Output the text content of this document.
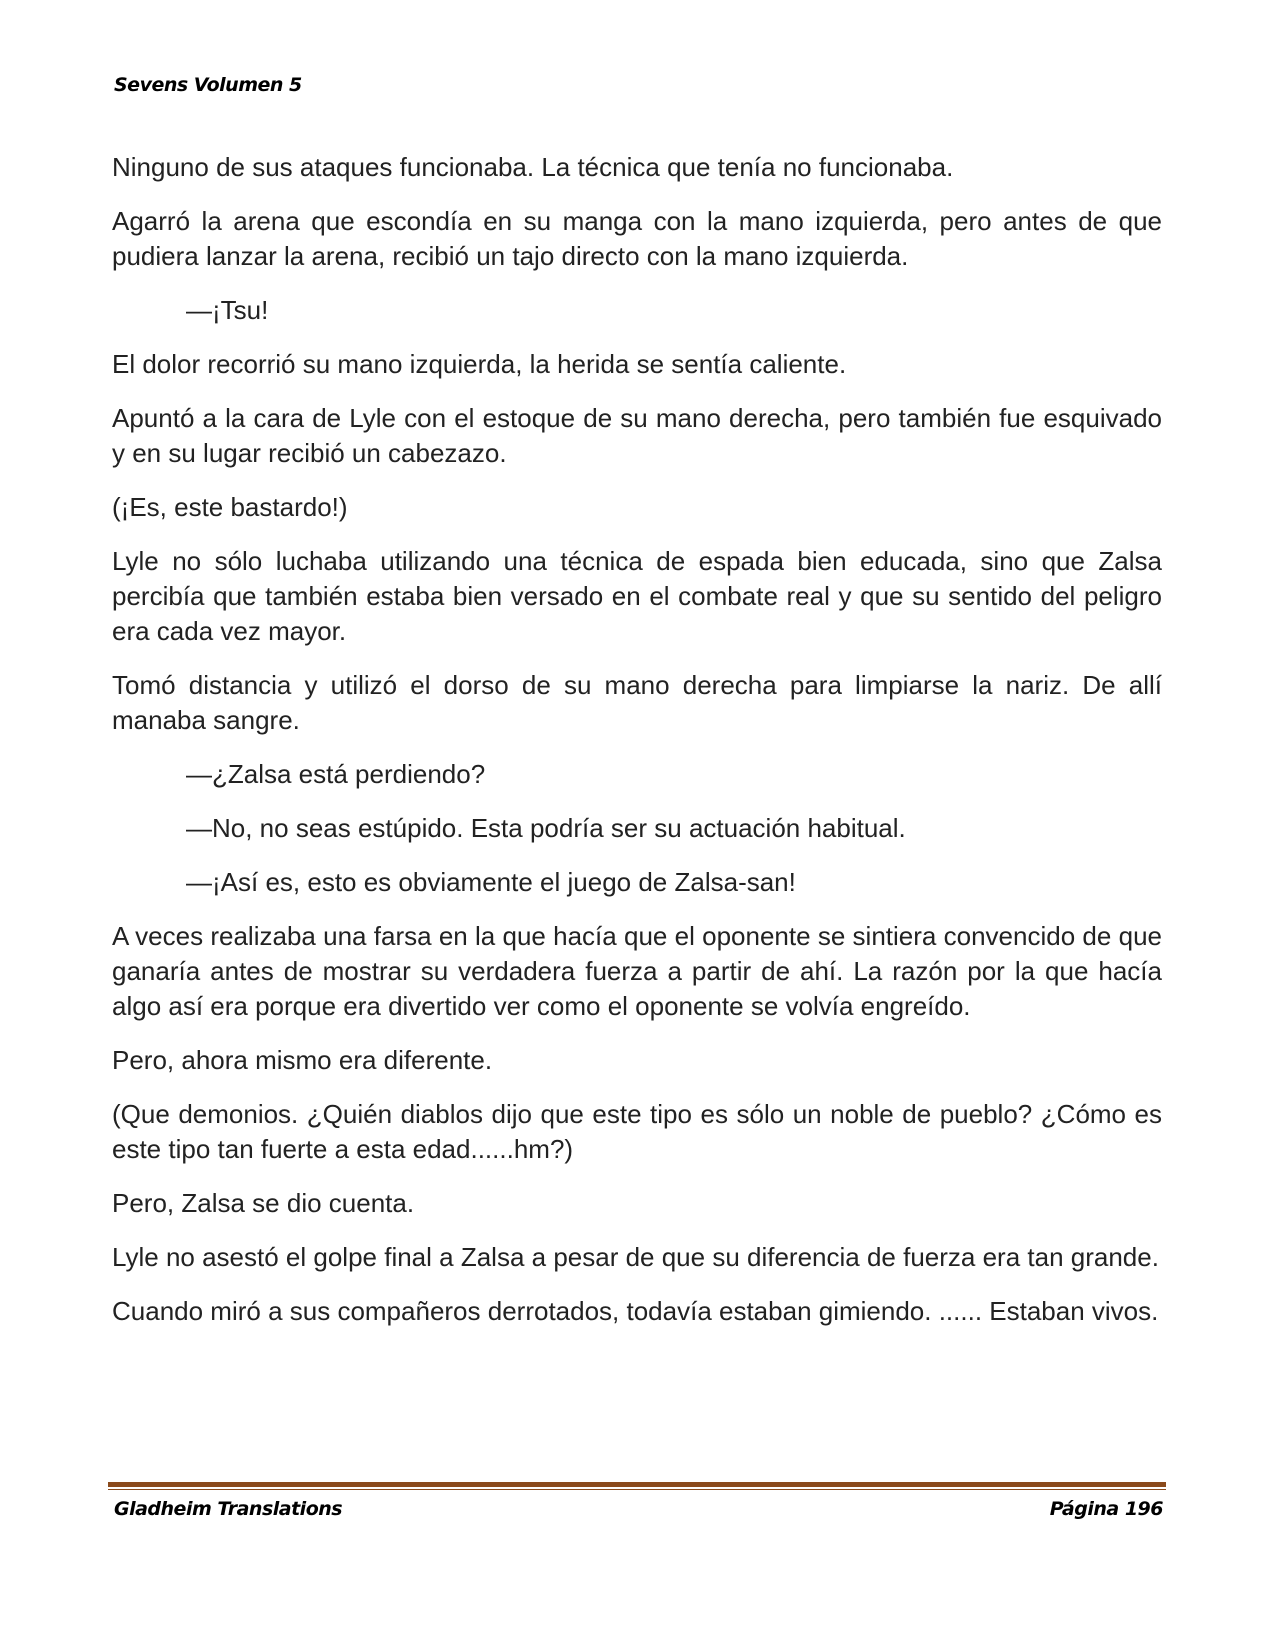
Sevens Volumen 5

Ninguno de sus ataques funcionaba. La técnica que tenía no funcionaba.

Agarró la arena que escondía en su manga con la mano izquierda, pero antes de que pudiera lanzar la arena, recibió un tajo directo con la mano izquierda.

—¡Tsu!

El dolor recorrió su mano izquierda, la herida se sentía caliente.

Apuntó a la cara de Lyle con el estoque de su mano derecha, pero también fue esquivado y en su lugar recibió un cabezazo.

(¡Es, este bastardo!)

Lyle no sólo luchaba utilizando una técnica de espada bien educada, sino que Zalsa percibía que también estaba bien versado en el combate real y que su sentido del peligro era cada vez mayor.

Tomó distancia y utilizó el dorso de su mano derecha para limpiarse la nariz. De allí manaba sangre.

—¿Zalsa está perdiendo?

—No, no seas estúpido. Esta podría ser su actuación habitual.

—¡Así es, esto es obviamente el juego de Zalsa-san!

A veces realizaba una farsa en la que hacía que el oponente se sintiera convencido de que ganaría antes de mostrar su verdadera fuerza a partir de ahí. La razón por la que hacía algo así era porque era divertido ver como el oponente se volvía engreído.

Pero, ahora mismo era diferente.

(Que demonios. ¿Quién diablos dijo que este tipo es sólo un noble de pueblo? ¿Cómo es este tipo tan fuerte a esta edad......hm?)

Pero, Zalsa se dio cuenta.

Lyle no asestó el golpe final a Zalsa a pesar de que su diferencia de fuerza era tan grande.

Cuando miró a sus compañeros derrotados, todavía estaban gimiendo. ...... Estaban vivos.

Gladheim Translations	Página 196
